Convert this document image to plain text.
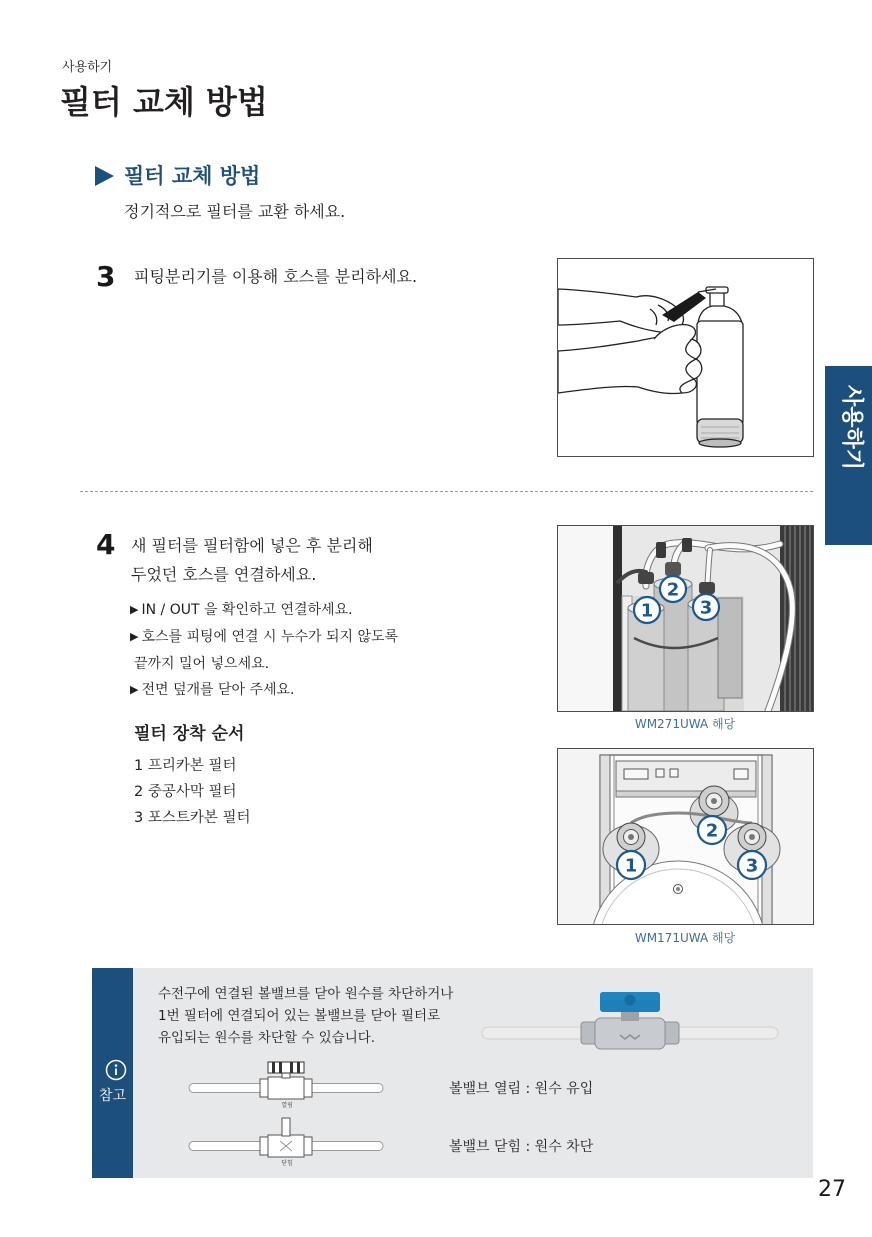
사용하기
필터 교체 방법
사용하기
필터 교체 방법
정기적으로 필터를 교환 하세요.
3 피팅분리기를 이용해 호스를 분리하세요.
4 새 필터를 필터함에 넣은 후 분리해
두었던 호스를 연결하세요.
▶ IN / OUT 을 확인하고 연결하세요.
▶ 호스를 피팅에 연결 시 누수가 되지 않도록
끝까지 밀어 넣으세요.
▶ 전면 덮개를 닫아 주세요.
필터 장착 순서
1 프리카본 필터
2 중공사막 필터
3 포스트카본 필터
2
1	3
WM271UWA 해당
2
1	3
WM171UWA 해당
참고
수전구에 연결된 볼밸브를 닫아 원수를 차단하거나
1번 필터에 연결되어 있는 볼밸브를 닫아 필터로
유입되는 원수를 차단할 수 있습니다.
열림
볼밸브 열림 : 원수 유입
닫힘
볼밸브 닫힘 : 원수 차단
27
